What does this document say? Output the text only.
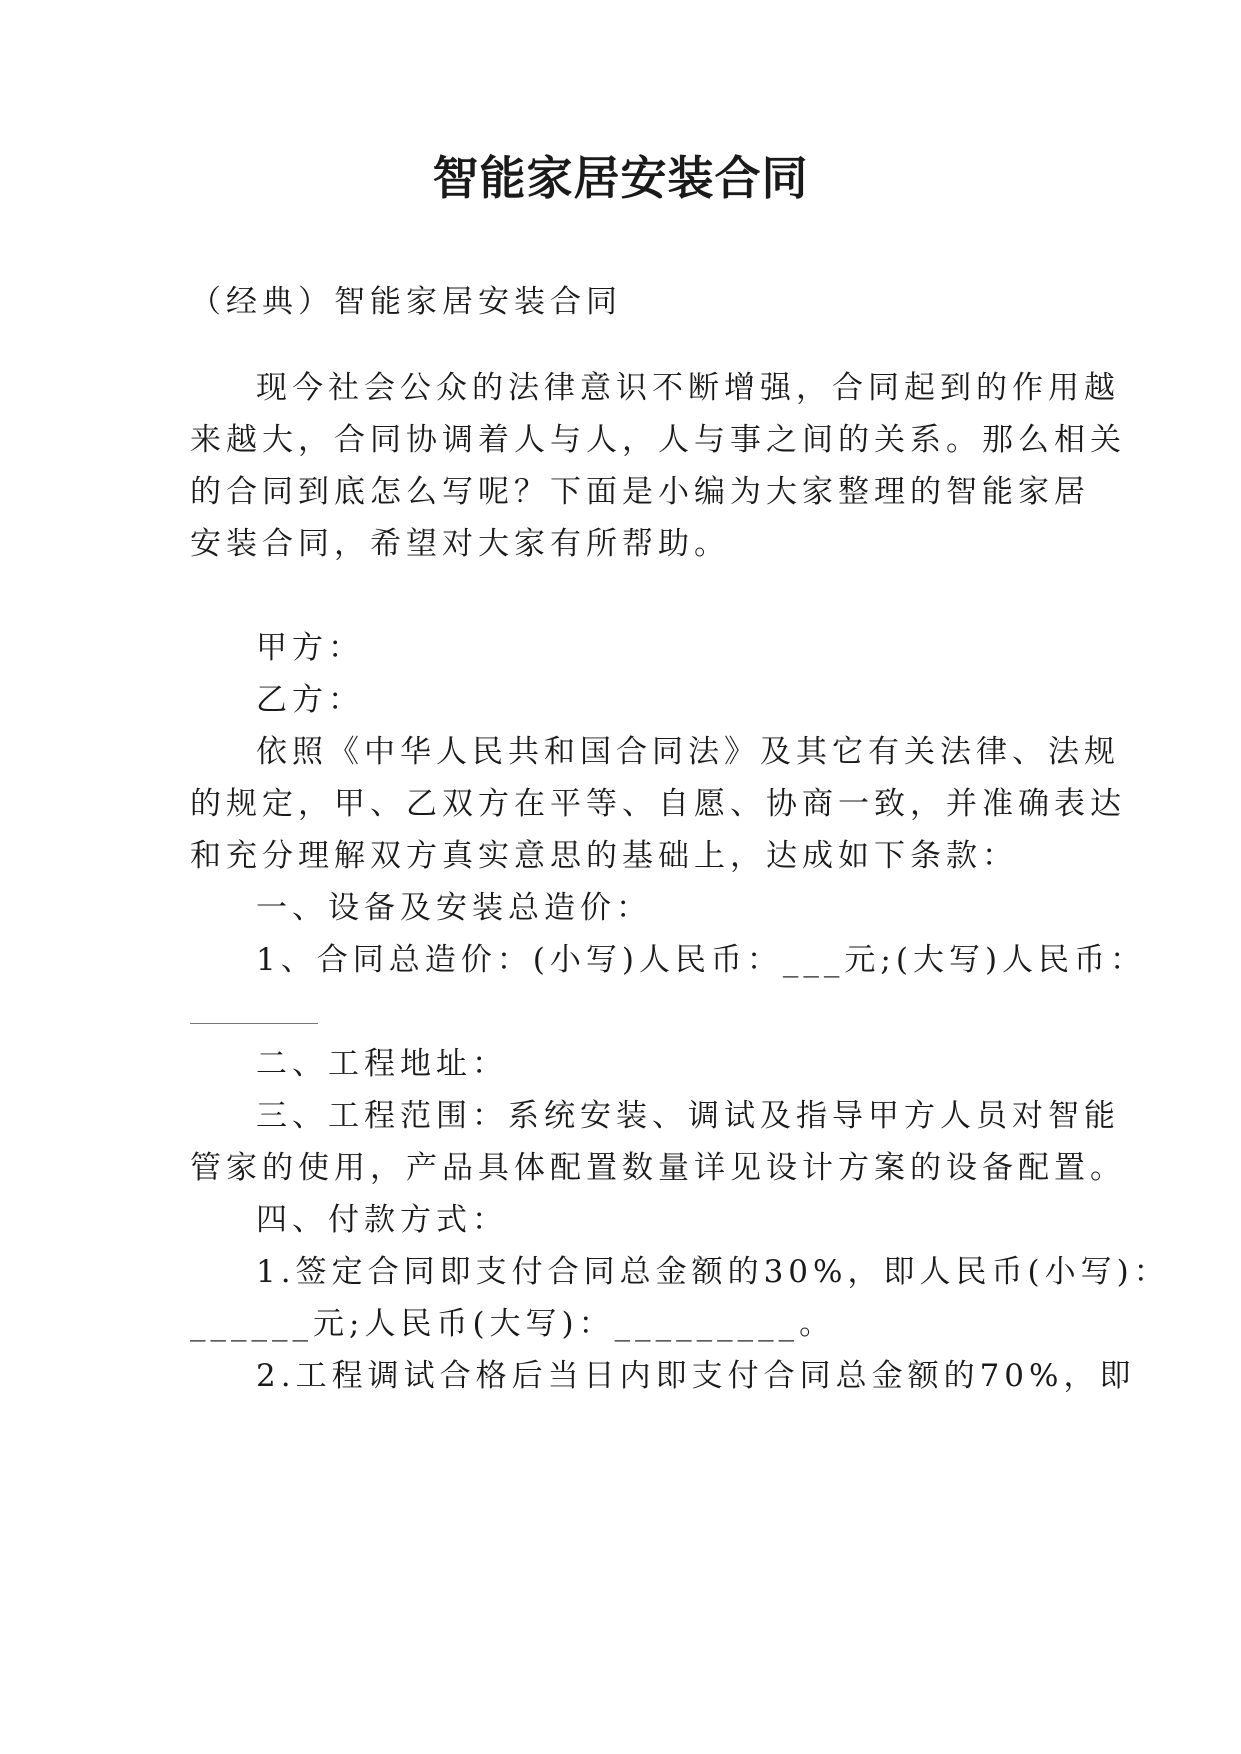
智能家居安装合同
（经典）智能家居安装合同
现今社会公众的法律意识不断增强，合同起到的作用越
来越大，合同协调着人与人，人与事之间的关系。那么相关
的合同到底怎么写呢？下面是小编为大家整理的智能家居
安装合同，希望对大家有所帮助。
甲方：
乙方：
依照《中华人民共和国合同法》及其它有关法律、法规
的规定，甲、乙双方在平等、自愿、协商一致，并准确表达
和充分理解双方真实意思的基础上，达成如下条款：
一、设备及安装总造价：
1、合同总造价：(小写)人民币：___元;(大写)人民币：
二、工程地址：
三、工程范围：系统安装、调试及指导甲方人员对智能
管家的使用，产品具体配置数量详见设计方案的设备配置。
四、付款方式：
1.签定合同即支付合同总金额的30%，即人民币(小写)：
______元;人民币(大写)：_________。
2.工程调试合格后当日内即支付合同总金额的70%，即
